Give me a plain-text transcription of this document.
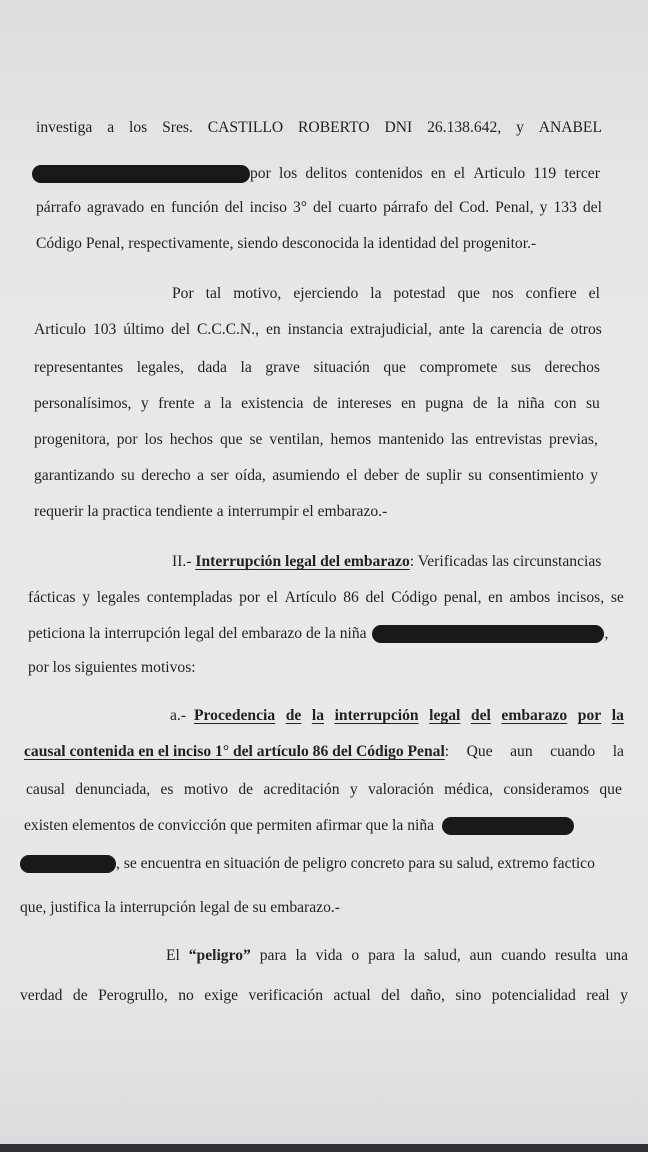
investiga a los Sres. CASTILLO ROBERTO DNI 26.138.642, y ANABEL
por los delitos contenidos en el Articulo 119 tercer
párrafo agravado en función del inciso 3° del cuarto párrafo del Cod. Penal, y 133 del
Código Penal, respectivamente, siendo desconocida la identidad del progenitor.-
Por tal motivo, ejerciendo la potestad que nos confiere el
Articulo 103 último del C.C.C.N., en instancia extrajudicial, ante la carencia de otros
representantes legales, dada la grave situación que compromete sus derechos
personalísimos, y frente a la existencia de intereses en pugna de la niña con su
progenitora, por los hechos que se ventilan, hemos mantenido las entrevistas previas,
garantizando su derecho a ser oída, asumiendo el deber de suplir su consentimiento y
requerir la practica tendiente a interrumpir el embarazo.-
II.- Interrupción legal del embarazo: Verificadas las circunstancias
fácticas y legales contempladas por el Artículo 86 del Código penal, en ambos incisos, se
peticiona la interrupción legal del embarazo de la niña	,
por los siguientes motivos:
a.- Procedencia de la interrupción legal del embarazo por la
causal contenida en el inciso 1° del artículo 86 del Código Penal : Que aun cuando la
causal denunciada, es motivo de acreditación y valoración médica, consideramos que
existen elementos de convicción que permiten afirmar que la niña
, se encuentra en situación de peligro concreto para su salud, extremo factico
que, justifica la interrupción legal de su embarazo.-
El “peligro” para la vida o para la salud, aun cuando resulta una
verdad de Perogrullo, no exige verificación actual del daño, sino potencialidad real y
